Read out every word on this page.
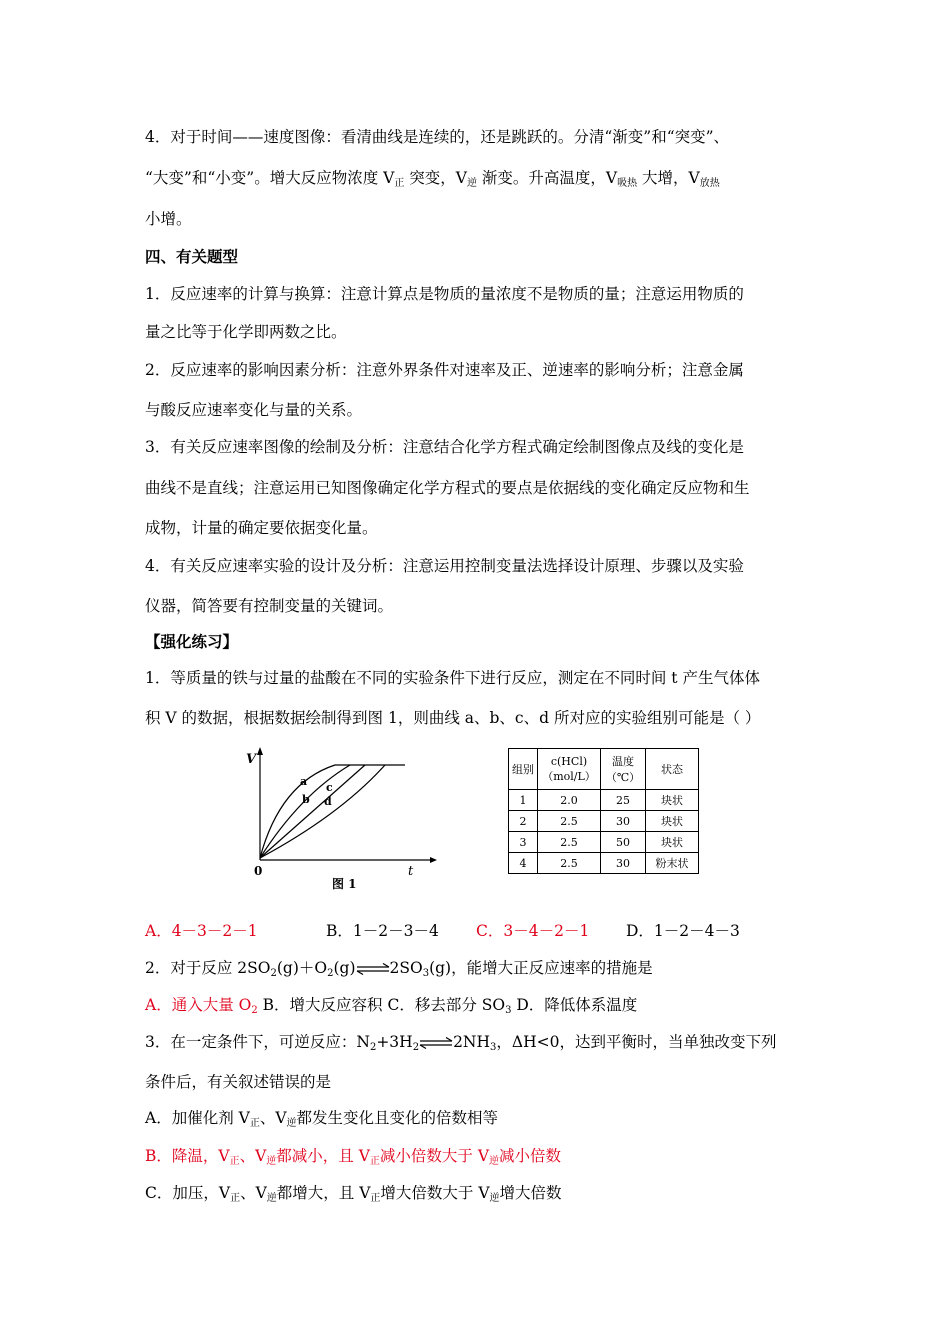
4．对于时间——速度图像：看清曲线是连续的，还是跳跃的。分清“渐变”和“突变”、
“大变”和“小变”。增大反应物浓度 $V_正$ 突变，$V_逆$ 渐变。升高温度，$V_{吸热}$ 大增，$V_{放热}$
小增。
四、有关题型
1．反应速率的计算与换算：注意计算点是物质的量浓度不是物质的量；注意运用物质的
量之比等于化学即两数之比。
2．反应速率的影响因素分析：注意外界条件对速率及正、逆速率的影响分析；注意金属
与酸反应速率变化与量的关系。
3．有关反应速率图像的绘制及分析：注意结合化学方程式确定绘制图像点及线的变化是
曲线不是直线；注意运用已知图像确定化学方程式的要点是依据线的变化确定反应物和生
成物，计量的确定要依据变化量。
4．有关反应速率实验的设计及分析：注意运用控制变量法选择设计原理、步骤以及实验
仪器，简答要有控制变量的关键词。
【强化练习】
1．等质量的铁与过量的盐酸在不同的实验条件下进行反应，测定在不同时间 t 产生气体体
积 V 的数据，根据数据绘制得到图 1，则曲线 a、b、c、d 所对应的实验组别可能是（ ）
V
t
0
图 1
a
b
c
d
组别	c(HCl)（mol/L）	温度（℃）	状态
1	2.0	25	块状
2	2.5	30	块状
3	2.5	50	块状
4	2.5	30	粉末状
A．4－3－2－1	B．1－2－3－4 C．3－4－2－1 D．1－2－4－3
2．对于反应 $2SO_2(g)+O_2(g)\rightleftharpoons 2SO_3(g)$，能增大正反应速率的措施是
A．通入大量 $O_2$ B．增大反应容积 C．移去部分 $SO_3$ D．降低体系温度
3．在一定条件下，可逆反应：$N_2+3H_2\rightleftharpoons 2NH_3$，ΔH<0，达到平衡时，当单独改变下列
条件后，有关叙述错误的是
A．加催化剂 $V_正$、$V_逆$都发生变化且变化的倍数相等
B．降温，$V_正$、$V_逆$都减小，且 $V_正$减小倍数大于 $V_逆$减小倍数
C．加压，$V_正$、$V_逆$都增大，且 $V_正$增大倍数大于 $V_逆$增大倍数
